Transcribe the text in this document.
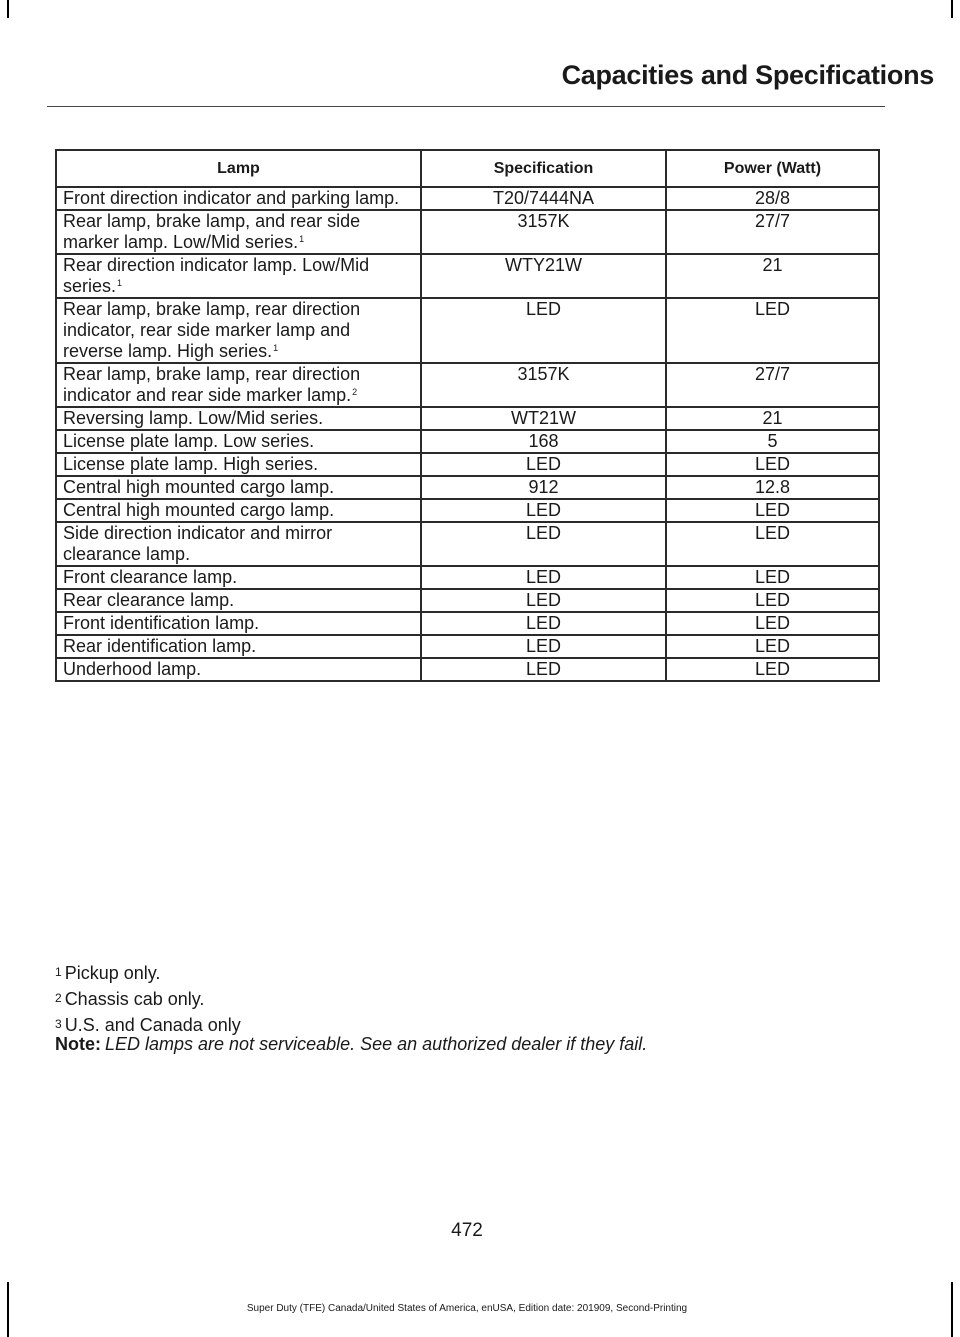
Capacities and Specifications
Lamp	Specification	Power (Watt)
Front direction indicator and parking lamp.	T20/7444NA	28/8
Rear lamp, brake lamp, and rear side marker lamp. Low/Mid series.$^1$	3157K	27/7
Rear direction indicator lamp. Low/Mid series.$^1$	WTY21W	21
Rear lamp, brake lamp, rear direction indicator, rear side marker lamp and reverse lamp. High series.$^1$	LED	LED
Rear lamp, brake lamp, rear direction indicator and rear side marker lamp.$^2$	3157K	27/7
Reversing lamp. Low/Mid series.	WT21W	21
License plate lamp. Low series.	168	5
License plate lamp. High series.	LED	LED
Central high mounted cargo lamp.	912	12.8
Central high mounted cargo lamp.	LED	LED
Side direction indicator and mirror clearance lamp.	LED	LED
Front clearance lamp.	LED	LED
Rear clearance lamp.	LED	LED
Front identification lamp.	LED	LED
Rear identification lamp.	LED	LED
Underhood lamp.	LED	LED
$^1$ Pickup only.
$^2$ Chassis cab only.
$^3$ U.S. and Canada only
Note: LED lamps are not serviceable. See an authorized dealer if they fail.
472
Super Duty (TFE) Canada/United States of America, enUSA, Edition date: 201909, Second-Printing
